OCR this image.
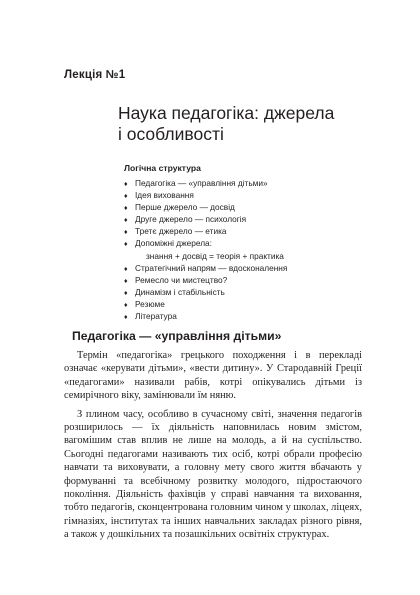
Лекція №1
Наука педагогіка: джерела
і особливості
Логічна структура
♦ Педагогіка — «управління дітьми»
♦ Ідея виховання
♦ Перше джерело — досвід
♦ Друге джерело — психологія
♦ Третє джерело — етика
♦ Допоміжні джерела:
знання + досвід = теорія + практика
♦ Стратегічний напрям — вдосконалення
♦ Ремесло чи мистецтво?
♦ Динамізм і стабільність
♦ Резюме
♦ Література
Педагогіка — «управління дітьми»

Термін «педагогіка» грецького походження і в перекладі означає «керувати дітьми», «вести дитину». У Стародавній Греції «педагогами» називали рабів, котрі опікувались дітьми із семирічного віку, замінювали їм няню.

З плином часу, особливо в сучасному світі, значення педагогів розширилось — їх діяльність наповнилась новим змістом, вагомішим став вплив не лише на молодь, а й на суспільство. Сьогодні педагогами називають тих осіб, котрі обрали професію навчати та виховувати, а головну мету свого життя вбачають у формуванні та всебічному розвитку молодого, підростаючого покоління. Діяльність фахівців у справі навчання та виховання, тобто педагогів, сконцентрована головним чином у школах, ліцеях, гімназіях, інститутах та інших навчальних закладах різного рівня, а також у дошкільних та позашкільних освітніх структурах.
